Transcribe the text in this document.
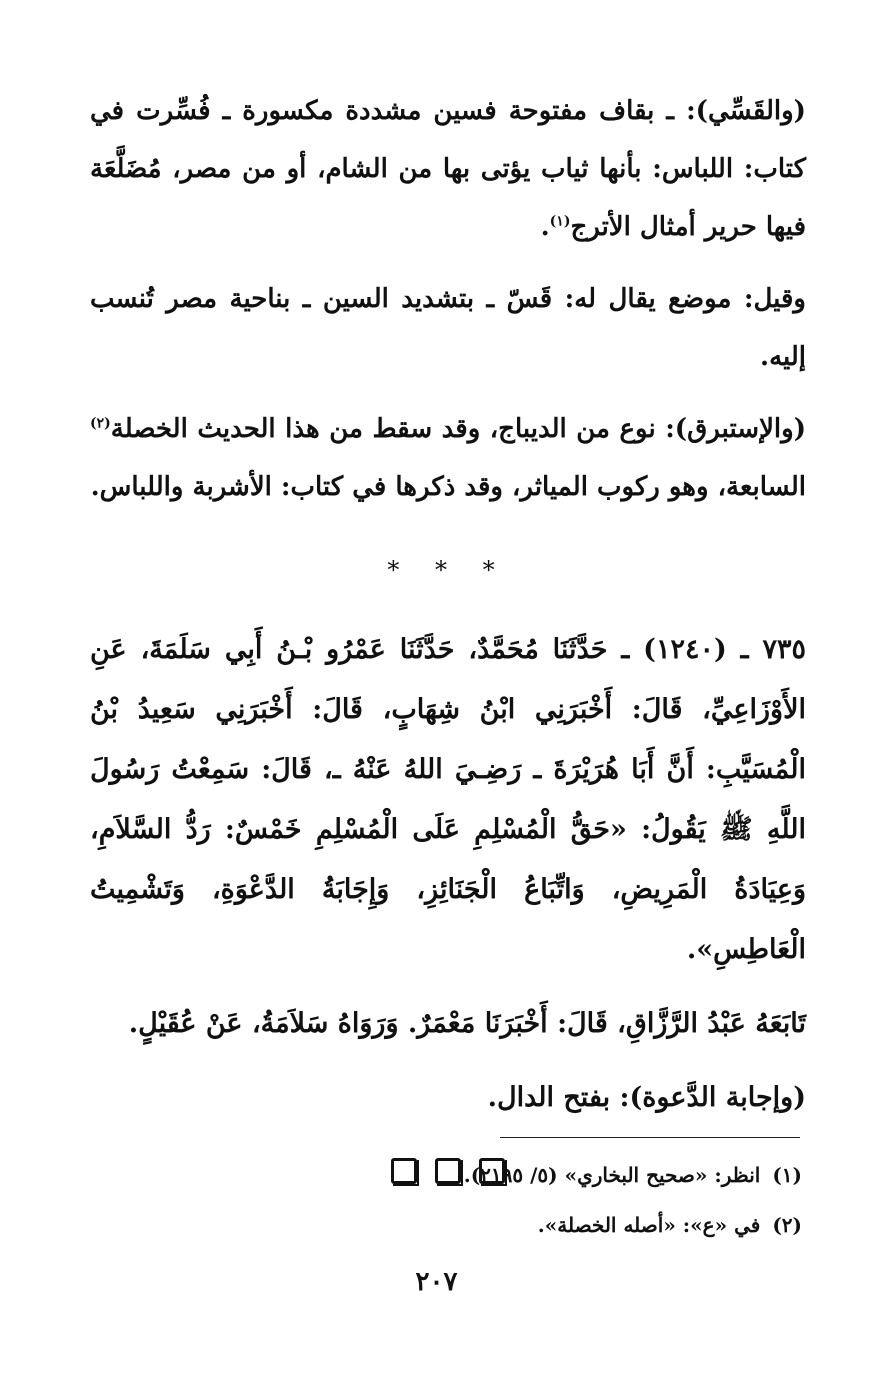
(والقَسِّي): ـ بقاف مفتوحة فسين مشددة مكسورة ـ فُسِّرت في كتاب: اللباس: بأنها ثياب يؤتى بها من الشام، أو من مصر، مُضَلَّعَة فيها حرير أمثال الأترج$^{(١)}$.

وقيل: موضع يقال له: قَسّ ـ بتشديد السين ـ بناحية مصر تُنسب إليه.

(والإستبرق): نوع من الديباج، وقد سقط من هذا الحديث الخصلة$^{(٢)}$ السابعة، وهو ركوب المياثر، وقد ذكرها في كتاب: الأشربة واللباس.

* * *

٧٣٥ ـ (١٢٤٠) ـ حَدَّثَنَا مُحَمَّدٌ، حَدَّثَنَا عَمْرُو بْـنُ أَبِي سَلَمَةَ، عَنِ الأَوْزَاعِيِّ، قَالَ: أَخْبَرَنِي ابْنُ شِهَابٍ، قَالَ: أَخْبَرَنِي سَعِيدُ بْنُ الْمُسَيَّبِ: أَنَّ أَبَا هُرَيْرَةَ ـ رَضِـيَ اللهُ عَنْهُ ـ، قَالَ: سَمِعْتُ رَسُولَ اللَّهِ ﷺ يَقُولُ: «حَقُّ الْمُسْلِمِ عَلَى الْمُسْلِمِ خَمْسٌ: رَدُّ السَّلاَمِ، وَعِيَادَةُ الْمَرِيضِ، وَاتِّبَاعُ الْجَنَائِزِ، وَإِجَابَةُ الدَّعْوَةِ، وَتَشْمِيتُ الْعَاطِسِ».

تَابَعَهُ عَبْدُ الرَّزَّاقِ، قَالَ: أَخْبَرَنَا مَعْمَرٌ. وَرَوَاهُ سَلاَمَةُ، عَنْ عُقَيْلٍ.

(وإجابة الدَّعوة): بفتح الدال.

(١)انظر: «صحيح البخاري» (٥/ ٢١٩٥).
(٢)في «ع»: «أصله الخصلة».
٢٠٧
